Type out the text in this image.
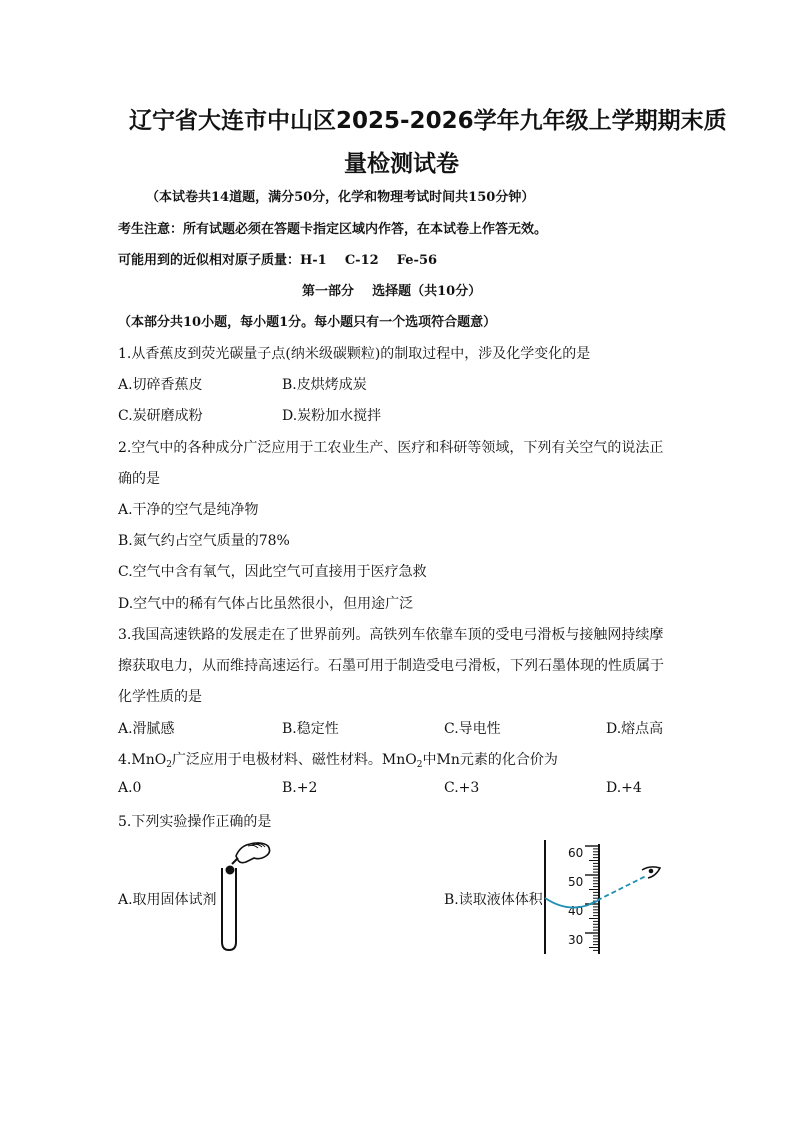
辽宁省大连市中山区2025-2026学年九年级上学期期末质
量检测试卷
（本试卷共14道题，满分50分，化学和物理考试时间共150分钟）
考生注意：所有试题必须在答题卡指定区域内作答，在本试卷上作答无效。
可能用到的近似相对原子质量：H-1    C-12    Fe-56
第一部分    选择题（共10分）
（本部分共10小题，每小题1分。每小题只有一个选项符合题意）
1.从香蕉皮到荧光碳量子点(纳米级碳颗粒)的制取过程中，涉及化学变化的是
A.切碎香蕉皮	B.皮烘烤成炭
C.炭研磨成粉	D.炭粉加水搅拌
2.空气中的各种成分广泛应用于工农业生产、医疗和科研等领域，下列有关空气的说法正
确的是
A.干净的空气是纯净物
B.氮气约占空气质量的78%
C.空气中含有氧气，因此空气可直接用于医疗急救
D.空气中的稀有气体占比虽然很小，但用途广泛
3.我国高速铁路的发展走在了世界前列。高铁列车依靠车顶的受电弓滑板与接触网持续摩
擦获取电力，从而维持高速运行。石墨可用于制造受电弓滑板，下列石墨体现的性质属于
化学性质的是
A.滑腻感	B.稳定性	C.导电性	D.熔点高
4.MnO$_2$广泛应用于电极材料、磁性材料。MnO$_2$中Mn元素的化合价为
A.0	B.+2	C.+3	D.+4
5.下列实验操作正确的是
A.取用固体试剂	B.读取液体体积
60
50
40
30
